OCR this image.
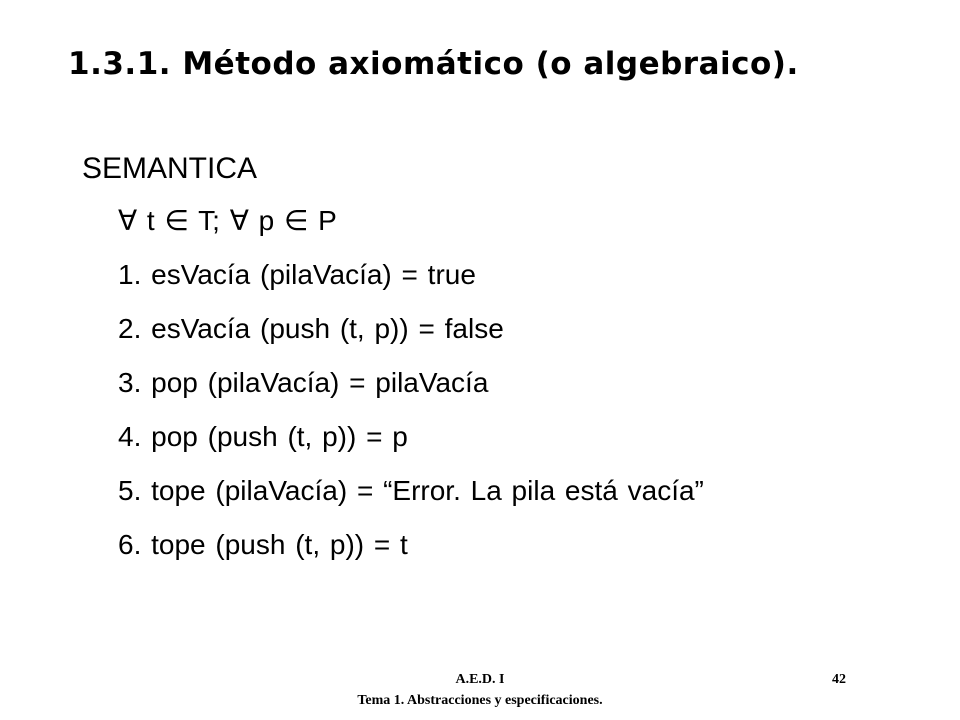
1.3.1. Método axiomático (o algebraico).
SEMANTICA
∀ t ∈ T; ∀ p ∈ P
1. esVacía (pilaVacía) = true
2. esVacía (push (t, p)) = false
3. pop (pilaVacía) = pilaVacía
4. pop (push (t, p)) = p
5. tope (pilaVacía) = “Error. La pila está vacía”
6. tope (push (t, p)) = t
A.E.D. I
Tema 1. Abstracciones y especificaciones.
42
